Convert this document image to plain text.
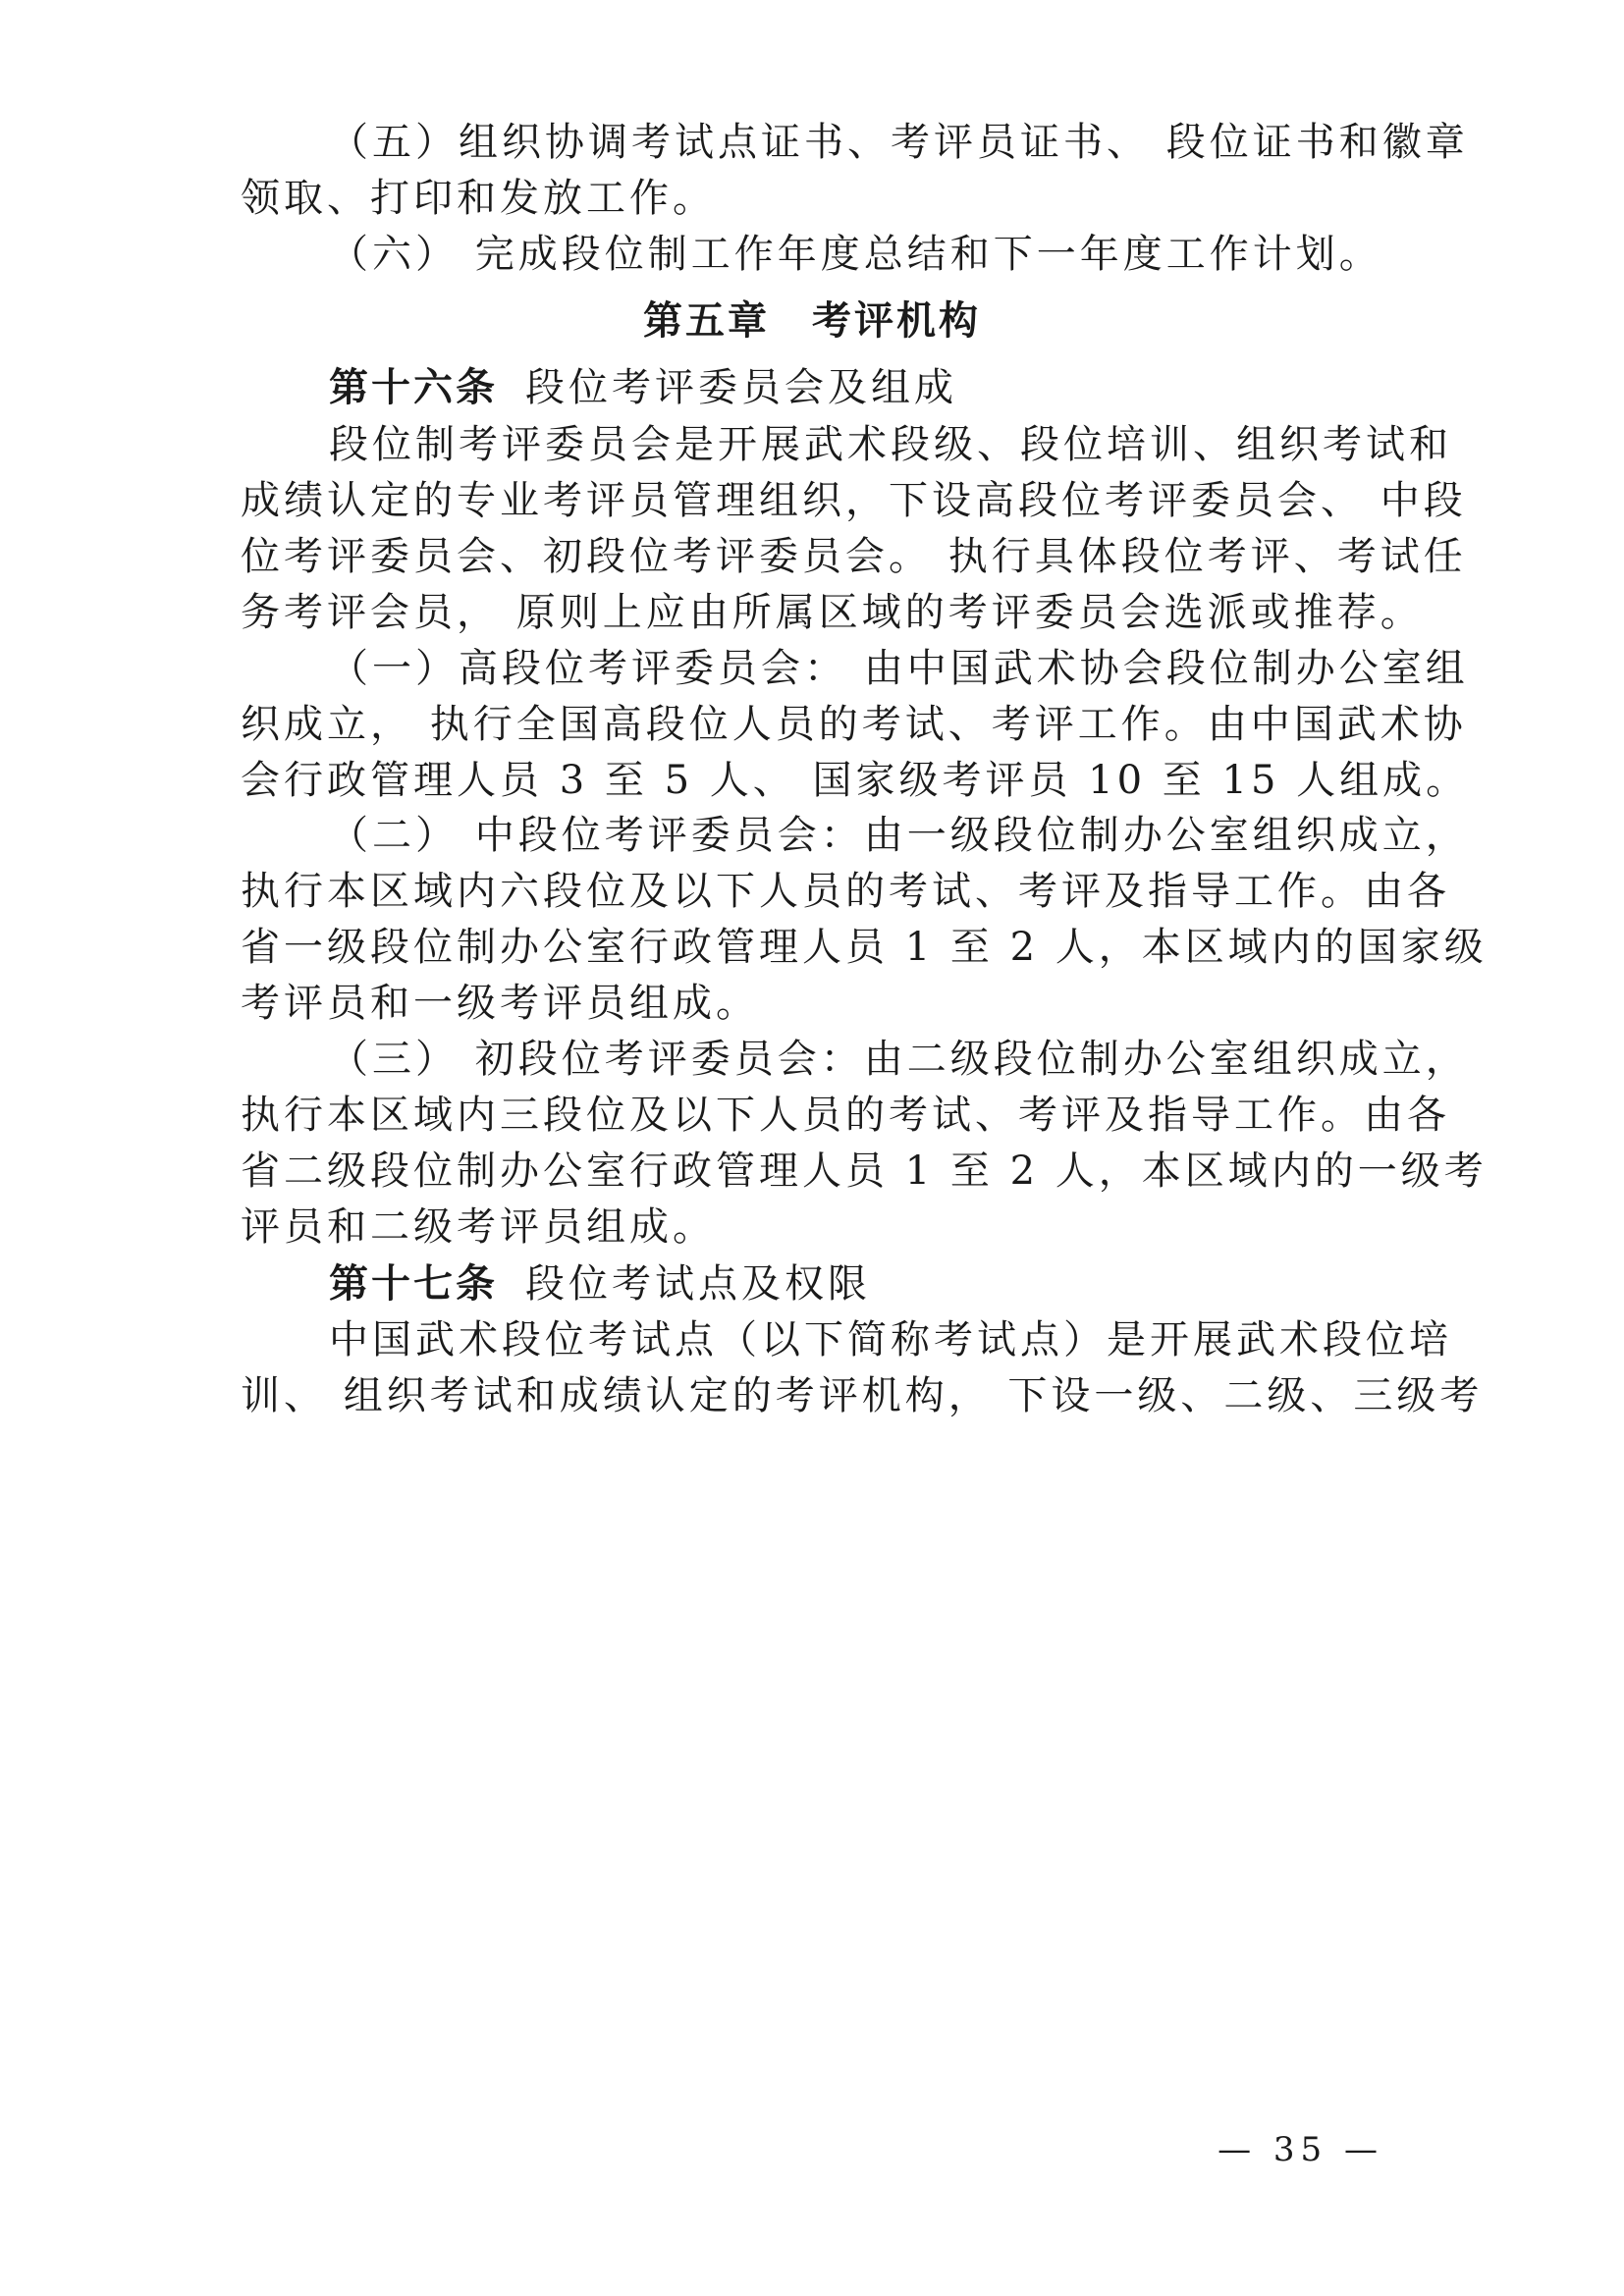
（五）组织协调考试点证书、考评员证书、 段位证书和徽章
领取、打印和发放工作。
（六） 完成段位制工作年度总结和下一年度工作计划。
第五章　考评机构
第十六条 段位考评委员会及组成
段位制考评委员会是开展武术段级、段位培训、组织考试和
成绩认定的专业考评员管理组织，下设高段位考评委员会、 中段
位考评委员会、初段位考评委员会。 执行具体段位考评、考试任
务考评会员， 原则上应由所属区域的考评委员会选派或推荐。
（一）高段位考评委员会： 由中国武术协会段位制办公室组
织成立， 执行全国高段位人员的考试、考评工作。由中国武术协
会行政管理人员 3 至 5 人、 国家级考评员 10 至 15 人组成。
（二） 中段位考评委员会：由一级段位制办公室组织成立，
执行本区域内六段位及以下人员的考试、考评及指导工作。由各
省一级段位制办公室行政管理人员 1 至 2 人，本区域内的国家级
考评员和一级考评员组成。
（三） 初段位考评委员会：由二级段位制办公室组织成立，
执行本区域内三段位及以下人员的考试、考评及指导工作。由各
省二级段位制办公室行政管理人员 1 至 2 人，本区域内的一级考
评员和二级考评员组成。
第十七条 段位考试点及权限
中国武术段位考试点（以下简称考试点）是开展武术段位培
训、 组织考试和成绩认定的考评机构， 下设一级、二级、三级考
— 35 —
